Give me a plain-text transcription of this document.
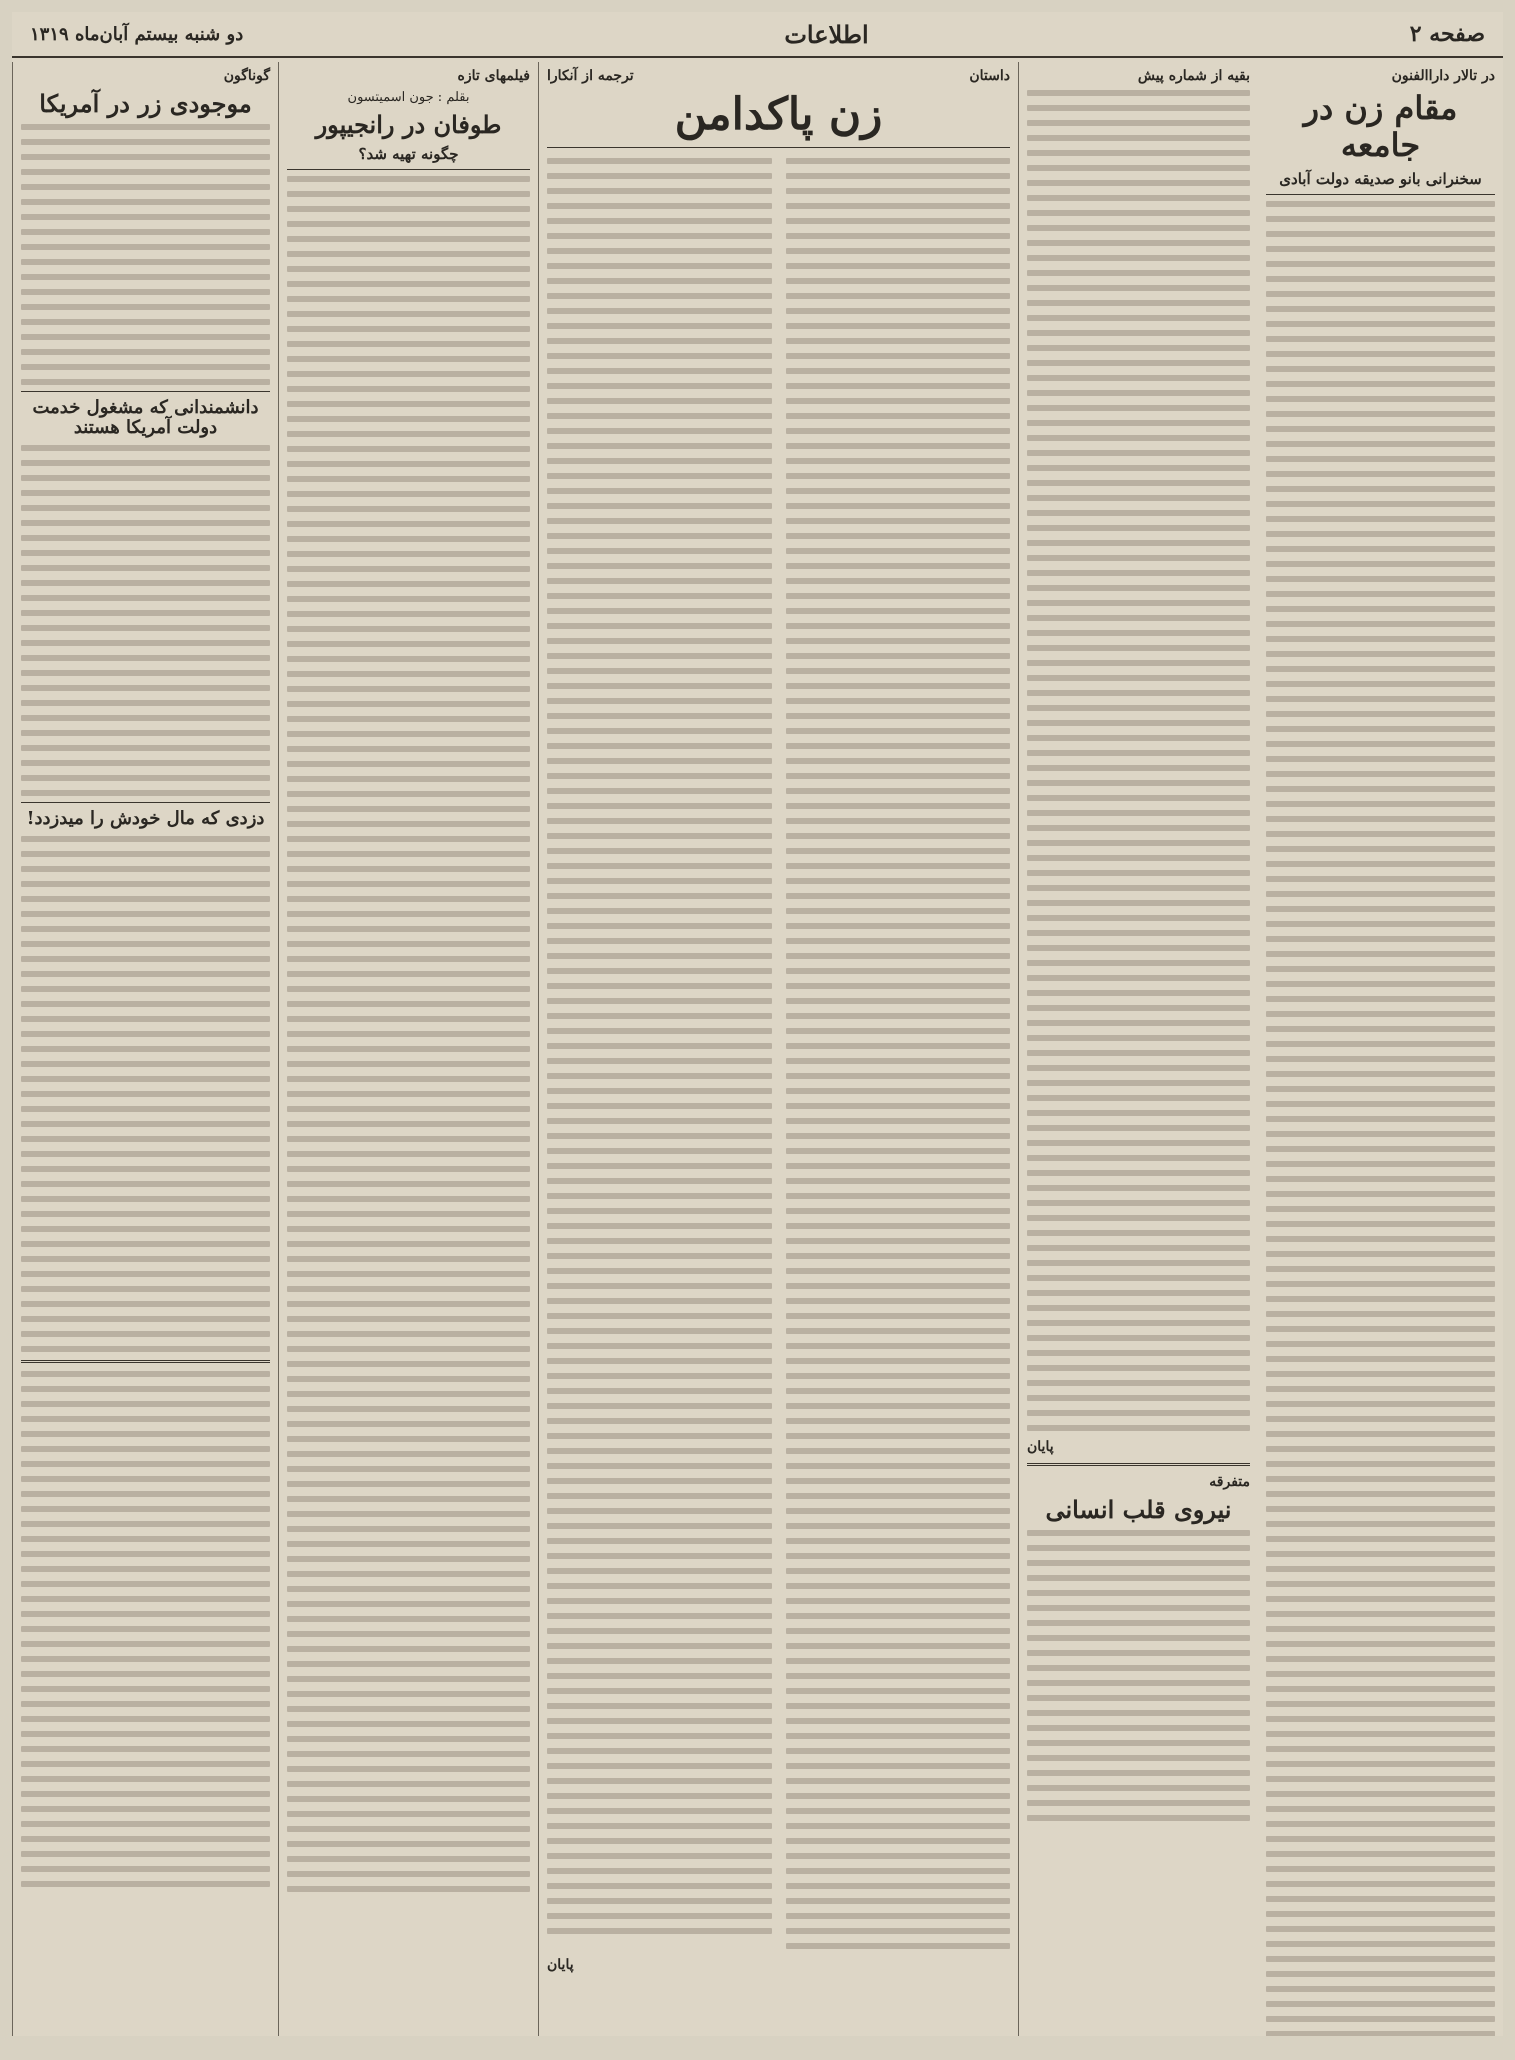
صفحه ۲
اطلاعات
دو شنبه بیستم آبان‌ماه ۱۳۱۹
در تالار داراالفنون
مقام زن در جامعه
سخنرانی بانو صدیقه دولت آبادی
بقیه از شماره پیش
پایان
متفرقه
نیروی قلب انسانی
داستان
ترجمه از آنکارا
زن پاکدامن
پایان
فیلمهای تازه
بقلم : جون اسمیتسون
طوفان در رانجیپور
چگونه تهیه شد؟
گوناگون
موجودی زر در آمریکا
دانشمندانی که مشغول خدمت دولت آمریکا هستند
دزدی که مال خودش را میدزدد!
